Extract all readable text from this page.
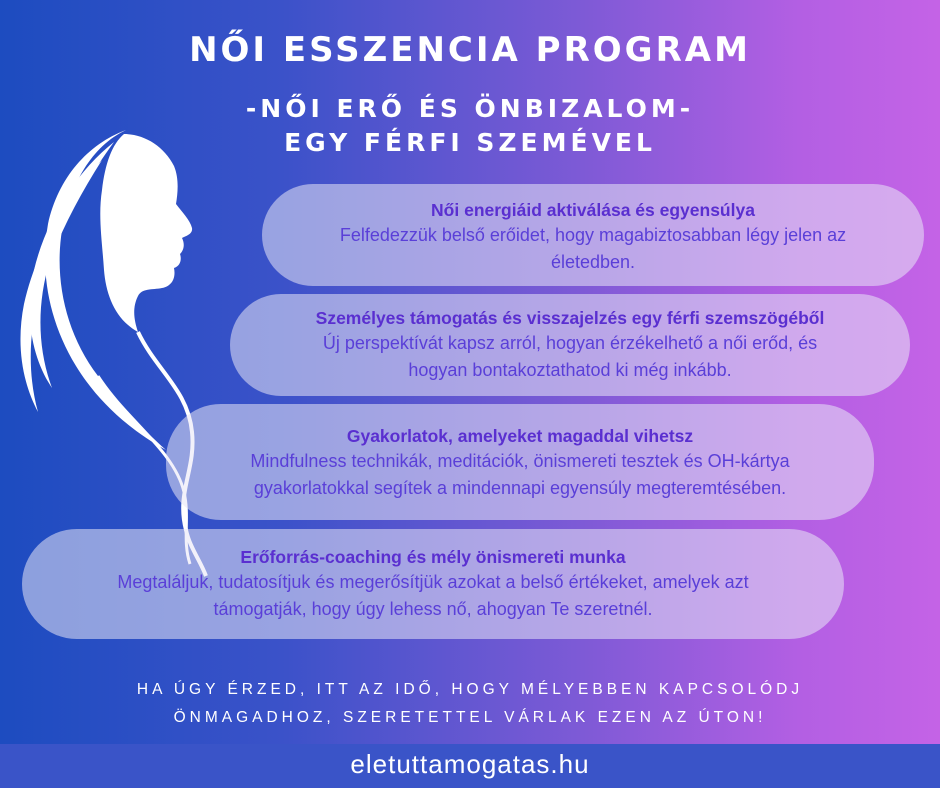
NŐI ESSZENCIA PROGRAM
-NŐI ERŐ ÉS ÖNBIZALOM-
EGY FÉRFI SZEMÉVEL
Női energiáid aktiválása és egyensúlya
Felfedezzük belső erőidet, hogy magabiztosabban légy jelen az
életedben.
Személyes támogatás és visszajelzés egy férfi szemszögéből
Új perspektívát kapsz arról, hogyan érzékelhető a női erőd, és
hogyan bontakoztathatod ki még inkább.
Gyakorlatok, amelyeket magaddal vihetsz
Mindfulness technikák, meditációk, önismereti tesztek és OH-kártya
gyakorlatokkal segítek a mindennapi egyensúly megteremtésében.
Erőforrás-coaching és mély önismereti munka
Megtaláljuk, tudatosítjuk és megerősítjük azokat a belső értékeket, amelyek azt
támogatják, hogy úgy lehess nő, ahogyan Te szeretnél.
HA ÚGY ÉRZED, ITT AZ IDŐ, HOGY MÉLYEBBEN KAPCSOLÓDJ
ÖNMAGADHOZ, SZERETETTEL VÁRLAK EZEN AZ ÚTON!
eletuttamogatas.hu
